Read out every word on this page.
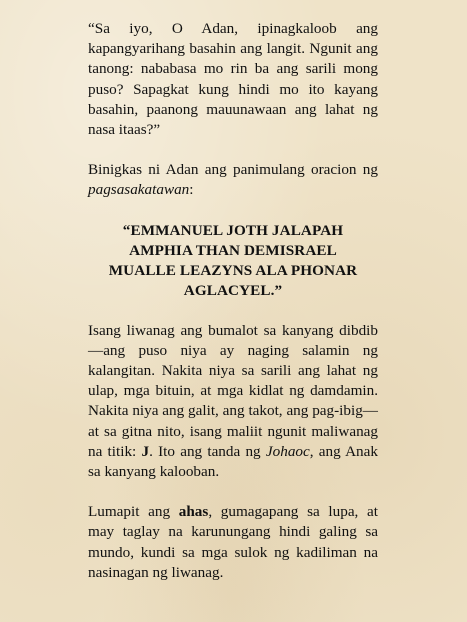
“Sa iyo, O Adan, ipinagkaloob ang kapangyarihang basahin ang langit. Ngunit ang tanong: nababasa mo rin ba ang sarili mong puso? Sapagkat kung hindi mo ito kayang basahin, paanong mauunawaan ang lahat ng nasa itaas?”

Binigkas ni Adan ang panimulang oracion ng pagsasakatawan:

“EMMANUEL JOTH JALAPAH
AMPHIA THAN DEMISRAEL
MUALLE LEAZYNS ALA PHONAR
AGLACYEL.”

Isang liwanag ang bumalot sa kanyang dibdib—ang puso niya ay naging salamin ng kalangitan. Nakita niya sa sarili ang lahat ng ulap, mga bituin, at mga kidlat ng damdamin. Nakita niya ang galit, ang takot, ang pag-ibig—at sa gitna nito, isang maliit ngunit maliwanag na titik: J. Ito ang tanda ng Johaoc, ang Anak sa kanyang kalooban.

Lumapit ang ahas, gumagapang sa lupa, at may taglay na karunungang hindi galing sa mundo, kundi sa mga sulok ng kadiliman na nasinagan ng liwanag.
